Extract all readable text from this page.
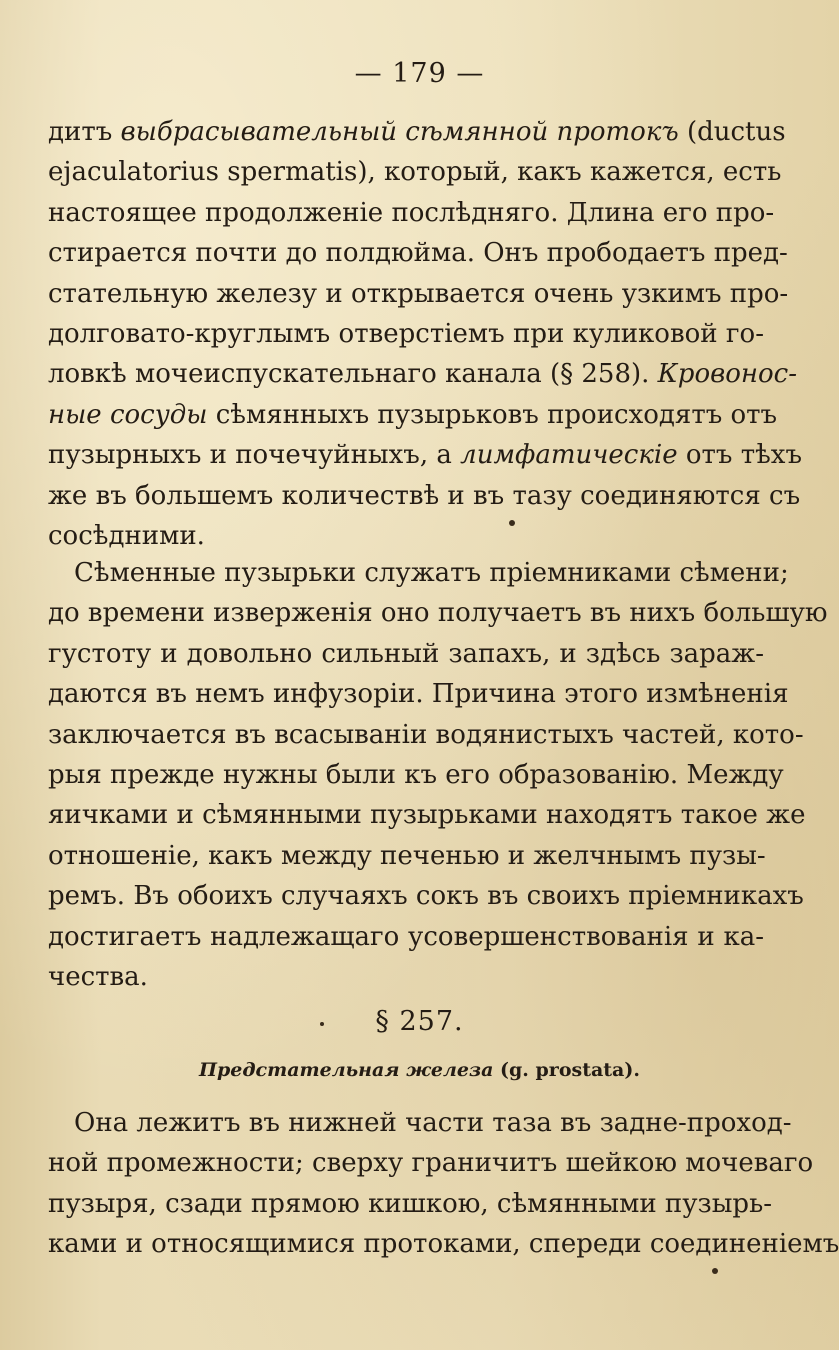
— 179 —
дитъ выбрасывательный сѣмянной протокъ (ductus
ejaculatorius spermatis), который, какъ кажется, есть
настоящее продолженіе послѣдняго. Длина его про-
стирается почти до полдюйма. Онъ прободаетъ пред-
стательную железу и открывается очень узкимъ про-
долговато-круглымъ отверстіемъ при куликовой го-
ловкѣ мочеиспускательнаго канала (§ 258). Кровонос-
ные сосуды сѣмянныхъ пузырьковъ происходятъ отъ
пузырныхъ и почечуйныхъ, а лимфатическіе отъ тѣхъ
же въ большемъ количествѣ и въ тазу соединяются съ
сосѣдними.
Сѣменные пузырьки служатъ пріемниками сѣмени;
до времени изверженія оно получаетъ въ нихъ большую
густоту и довольно сильный запахъ, и здѣсь зараж-
даются въ немъ инфузоріи. Причина этого измѣненія
заключается въ всасываніи водянистыхъ частей, кото-
рыя прежде нужны были къ его образованію. Между
яичками и сѣмянными пузырьками находятъ такое же
отношеніе, какъ между печенью и желчнымъ пузы-
ремъ. Въ обоихъ случаяхъ сокъ въ своихъ пріемникахъ
достигаетъ надлежащаго усовершенствованія и ка-
чества.
§ 257.
Предстательная железа (g. prostata).
Она лежитъ въ нижней части таза въ задне-проход-
ной промежности; сверху граничитъ шейкою мочеваго
пузыря, сзади прямою кишкою, сѣмянными пузырь-
ками и относящимися протоками, спереди соединеніемъ
